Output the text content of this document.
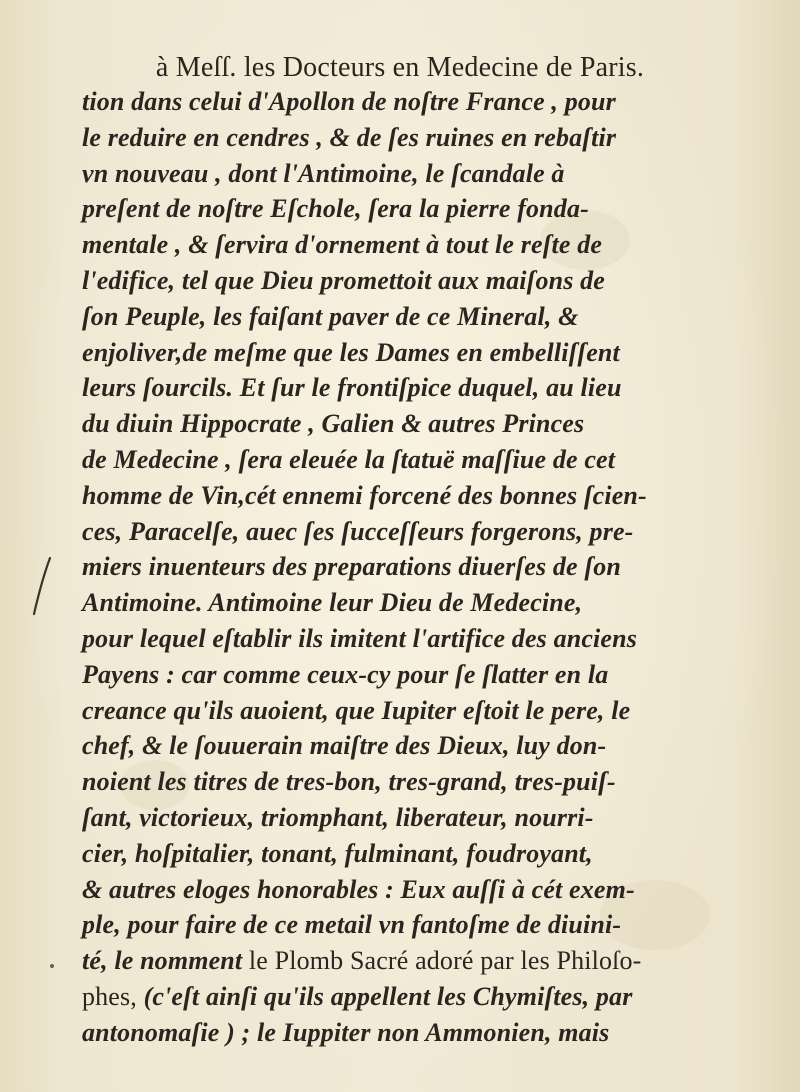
à Meſſ. les Docteurs en Medecine de Paris.
tion dans celui d'Apollon de noſtre France , pour
le reduire en cendres , & de ſes ruines en rebaſtir
vn nouveau , dont l'Antimoine, le ſcandale à
preſent de noſtre Eſchole, ſera la pierre fonda-
mentale , & ſervira d'ornement à tout le reſte de
l'edifice, tel que Dieu promettoit aux maiſons de
ſon Peuple, les faiſant paver de ce Mineral, &
enjoliver,de meſme que les Dames en embelliſſent
leurs ſourcils. Et ſur le frontiſpice duquel, au lieu
du diuin Hippocrate , Galien & autres Princes
de Medecine , ſera eleuée la ſtatuë maſſiue de cet
homme de Vin,cét ennemi forcené des bonnes ſcien-
ces, Paracelſe, auec ſes ſucceſſeurs forgerons, pre-
miers inuenteurs des preparations diuerſes de ſon
Antimoine. Antimoine leur Dieu de Medecine,
pour lequel eſtablir ils imitent l'artifice des anciens
Payens : car comme ceux-cy pour ſe ſlatter en la
creance qu'ils auoient, que Iupiter eſtoit le pere, le
chef, & le ſouuerain maiſtre des Dieux, luy don-
noient les titres de tres-bon, tres-grand, tres-puiſ-
ſant, victorieux, triomphant, liberateur, nourri-
cier, hoſpitalier, tonant, fulminant, foudroyant,
& autres eloges honorables : Eux auſſi à cét exem-
ple, pour faire de ce metail vn fantoſme de diuini-
té, le nomment le Plomb Sacré adoré par les Philoſo-
phes, (c'eſt ainſi qu'ils appellent les Chymiſtes, par
antonomaſie ) ; le Iuppiter non Ammonien, mais
